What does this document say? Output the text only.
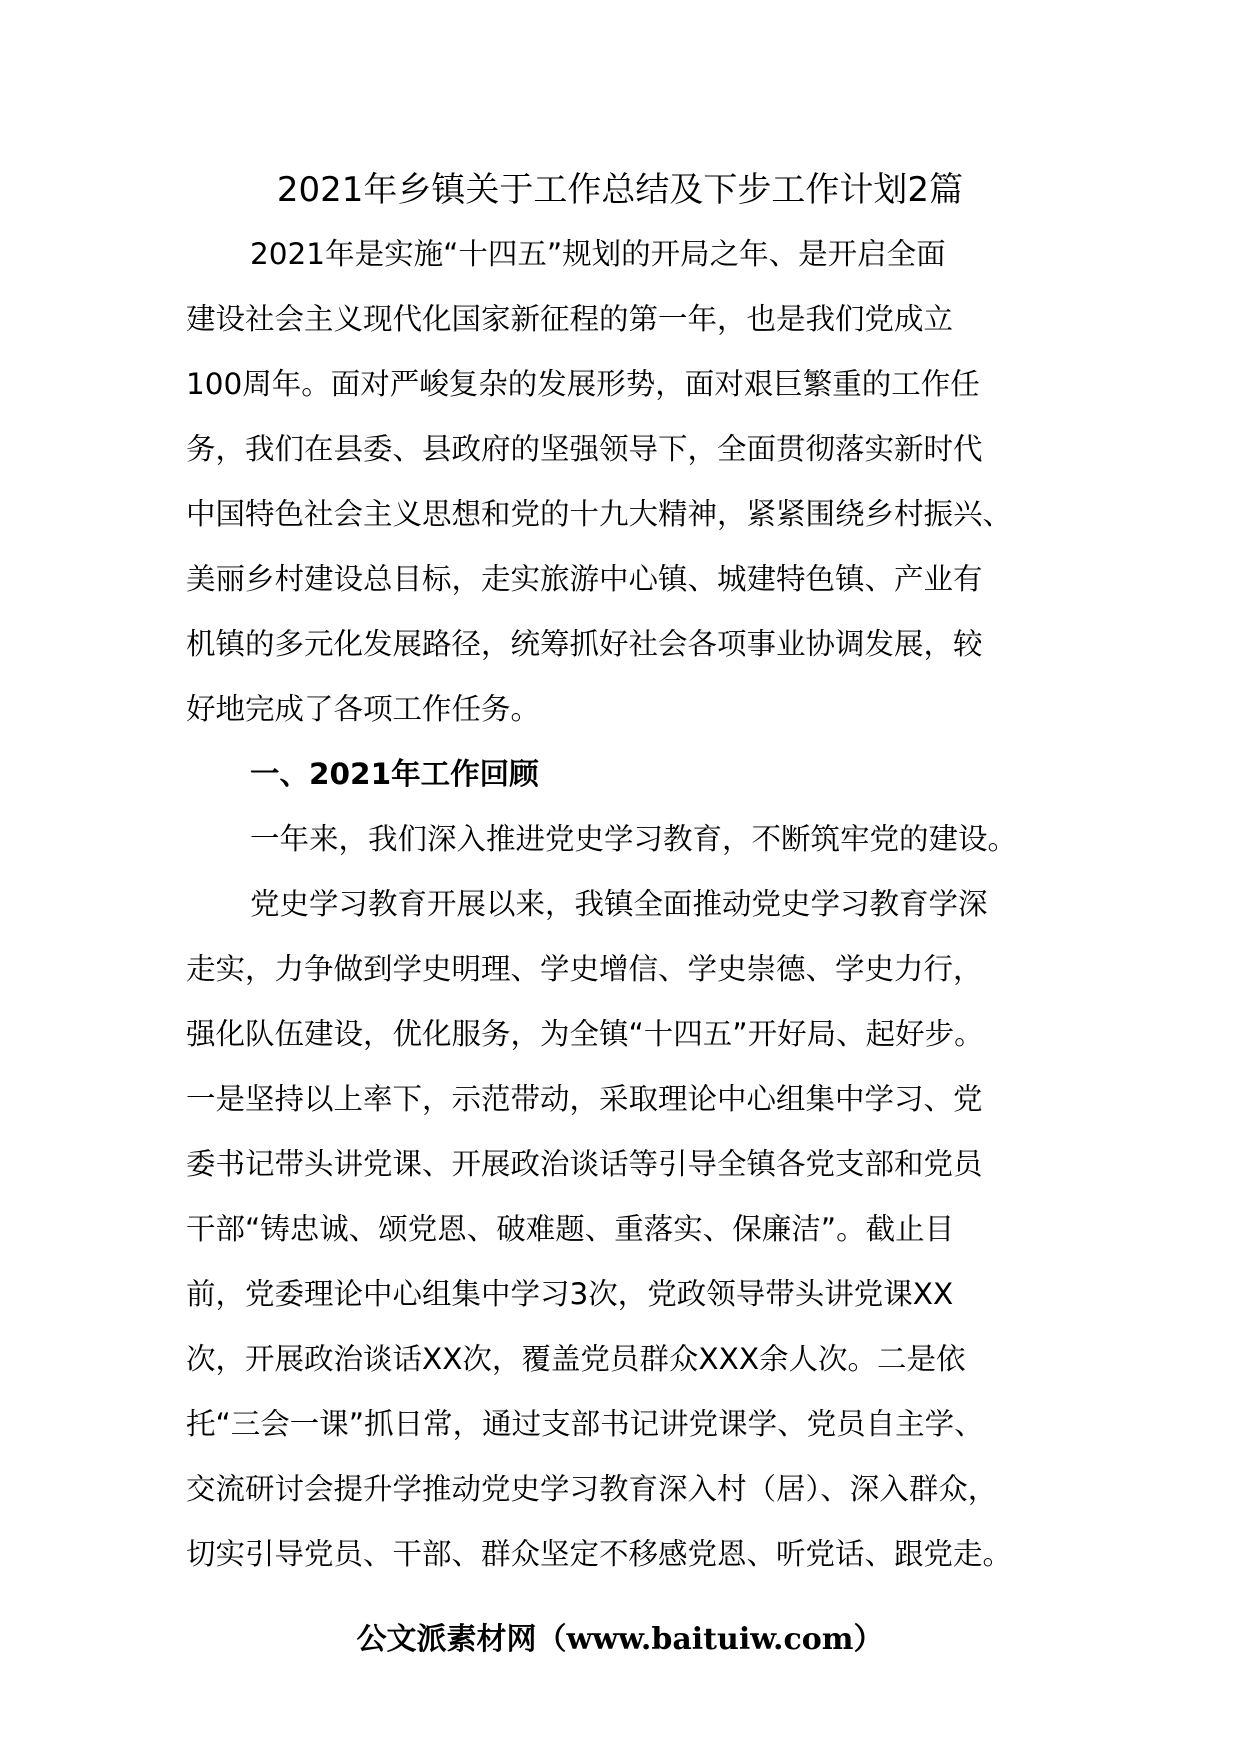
2021年乡镇关于工作总结及下步工作计划2篇
2021年是实施“十四五”规划的开局之年、是开启全面
建设社会主义现代化国家新征程的第一年，也是我们党成立
100周年。面对严峻复杂的发展形势，面对艰巨繁重的工作任
务，我们在县委、县政府的坚强领导下，全面贯彻落实新时代
中国特色社会主义思想和党的十九大精神，紧紧围绕乡村振兴、
美丽乡村建设总目标，走实旅游中心镇、城建特色镇、产业有
机镇的多元化发展路径，统筹抓好社会各项事业协调发展，较
好地完成了各项工作任务。
一、2021年工作回顾
一年来，我们深入推进党史学习教育，不断筑牢党的建设。
党史学习教育开展以来，我镇全面推动党史学习教育学深
走实，力争做到学史明理、学史增信、学史崇德、学史力行，
强化队伍建设，优化服务，为全镇“十四五”开好局、起好步。
一是坚持以上率下，示范带动，采取理论中心组集中学习、党
委书记带头讲党课、开展政治谈话等引导全镇各党支部和党员
干部“铸忠诚、颂党恩、破难题、重落实、保廉洁”。截止目
前，党委理论中心组集中学习3次，党政领导带头讲党课XX
次，开展政治谈话XX次，覆盖党员群众XXX余人次。二是依
托“三会一课”抓日常，通过支部书记讲党课学、党员自主学、
交流研讨会提升学推动党史学习教育深入村（居）、深入群众，
切实引导党员、干部、群众坚定不移感党恩、听党话、跟党走。
公文派素材网（www.baituiw.com）
